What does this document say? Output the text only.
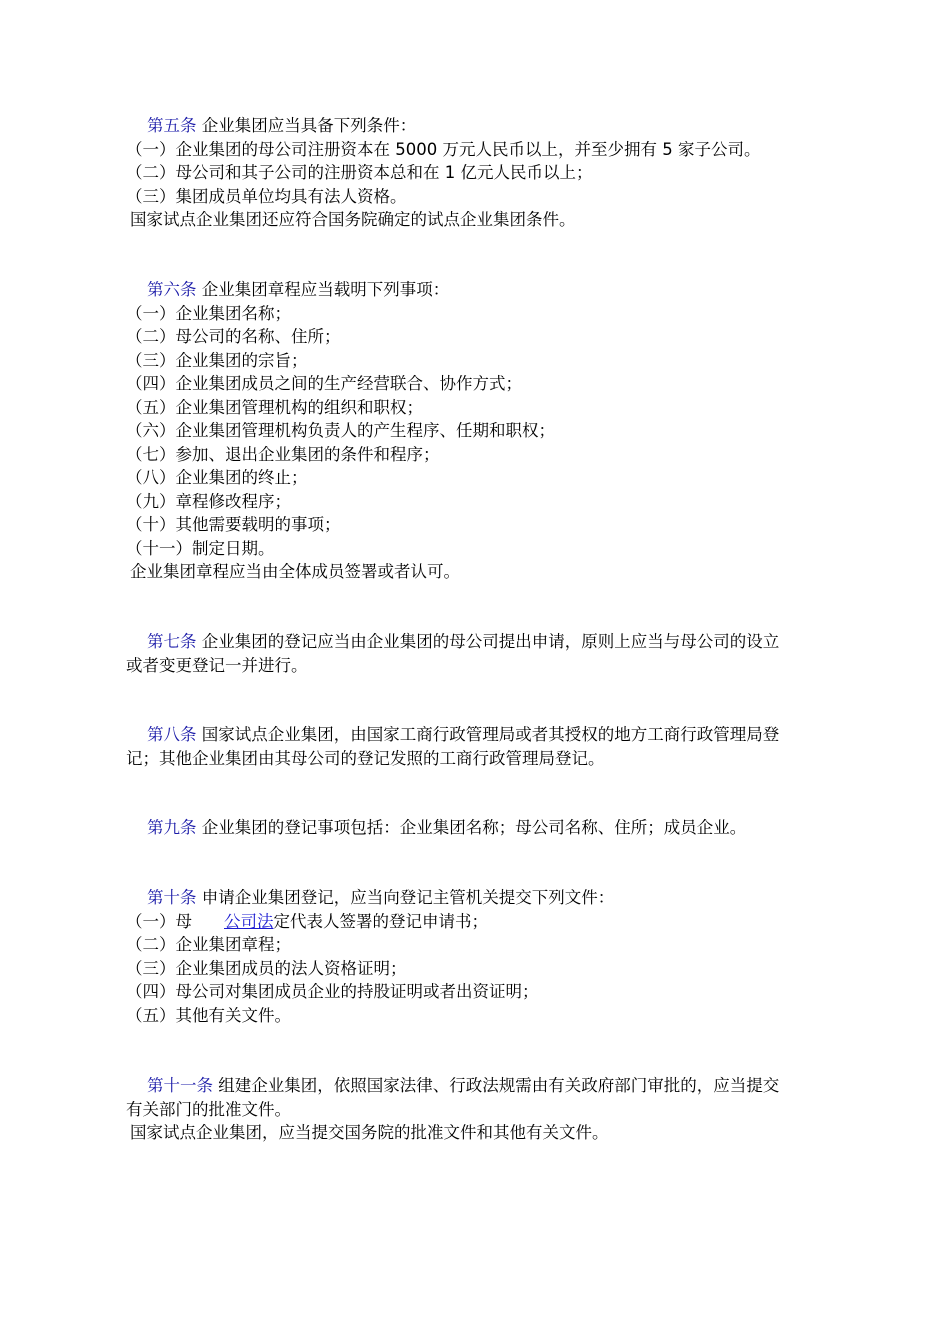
第五条 企业集团应当具备下列条件：
（一）企业集团的母公司注册资本在 5000 万元人民币以上，并至少拥有 5 家子公司。
（二）母公司和其子公司的注册资本总和在 1 亿元人民币以上；
（三）集团成员单位均具有法人资格。
国家试点企业集团还应符合国务院确定的试点企业集团条件。
第六条 企业集团章程应当载明下列事项：
（一）企业集团名称；
（二）母公司的名称、住所；
（三）企业集团的宗旨；
（四）企业集团成员之间的生产经营联合、协作方式；
（五）企业集团管理机构的组织和职权；
（六）企业集团管理机构负责人的产生程序、任期和职权；
（七）参加、退出企业集团的条件和程序；
（八）企业集团的终止；
（九）章程修改程序；
（十）其他需要载明的事项；
（十一）制定日期。
企业集团章程应当由全体成员签署或者认可。
第七条 企业集团的登记应当由企业集团的母公司提出申请，原则上应当与母公司的设立
或者变更登记一并进行。
第八条 国家试点企业集团，由国家工商行政管理局或者其授权的地方工商行政管理局登
记；其他企业集团由其母公司的登记发照的工商行政管理局登记。
第九条 企业集团的登记事项包括：企业集团名称；母公司名称、住所；成员企业。
第十条 申请企业集团登记，应当向登记主管机关提交下列文件：
（一）母 公司法定代表人签署的登记申请书；
（二）企业集团章程；
（三）企业集团成员的法人资格证明；
（四）母公司对集团成员企业的持股证明或者出资证明；
（五）其他有关文件。
第十一条 组建企业集团，依照国家法律、行政法规需由有关政府部门审批的，应当提交
有关部门的批准文件。
国家试点企业集团，应当提交国务院的批准文件和其他有关文件。
